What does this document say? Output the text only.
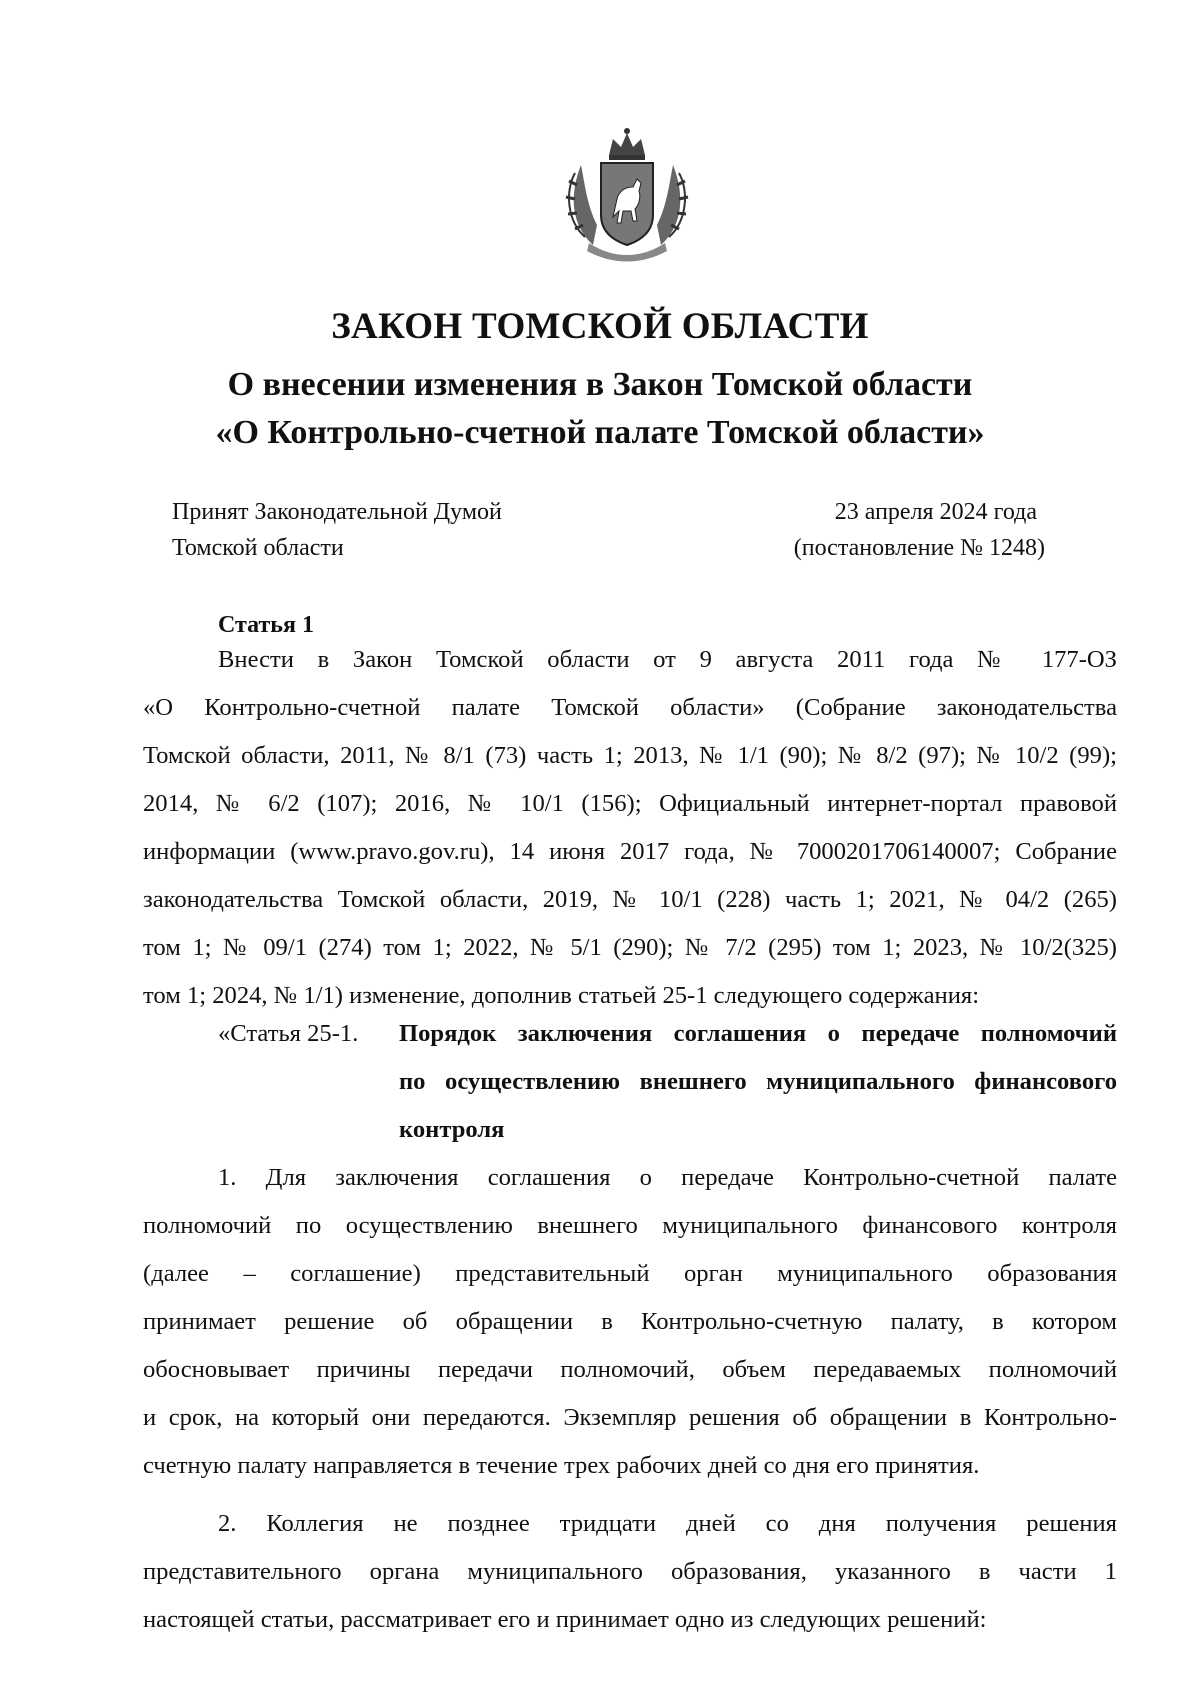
ЗАКОН ТОМСКОЙ ОБЛАСТИ
О внесении изменения в Закон Томской области
«О Контрольно-счетной палате Томской области»
Принят Законодательной Думой
Томской области
23 апреля 2024 года
(постановление № 1248)
Статья 1
Внести в Закон Томской области от 9 августа 2011 года № 177-ОЗ
«О Контрольно-счетной палате Томской области» (Собрание законодательства
Томской области, 2011, № 8/1 (73) часть 1; 2013, № 1/1 (90); № 8/2 (97); № 10/2 (99);
2014, № 6/2 (107); 2016, № 10/1 (156); Официальный интернет-портал правовой
информации (www.pravo.gov.ru), 14 июня 2017 года, № 7000201706140007; Собрание
законодательства Томской области, 2019, № 10/1 (228) часть 1; 2021, № 04/2 (265)
том 1; № 09/1 (274) том 1; 2022, № 5/1 (290); № 7/2 (295) том 1; 2023, № 10/2(325)
том 1; 2024, № 1/1) изменение, дополнив статьей 25-1 следующего содержания:
«Статья 25-1. Порядок заключения соглашения о передаче полномочий
по осуществлению внешнего муниципального финансового
контроля
1. Для заключения соглашения о передаче Контрольно-счетной палате
полномочий по осуществлению внешнего муниципального финансового контроля
(далее – соглашение) представительный орган муниципального образования
принимает решение об обращении в Контрольно-счетную палату, в котором
обосновывает причины передачи полномочий, объем передаваемых полномочий
и срок, на который они передаются. Экземпляр решения об обращении в Контрольно-
счетную палату направляется в течение трех рабочих дней со дня его принятия.
2. Коллегия не позднее тридцати дней со дня получения решения
представительного органа муниципального образования, указанного в части 1
настоящей статьи, рассматривает его и принимает одно из следующих решений:
